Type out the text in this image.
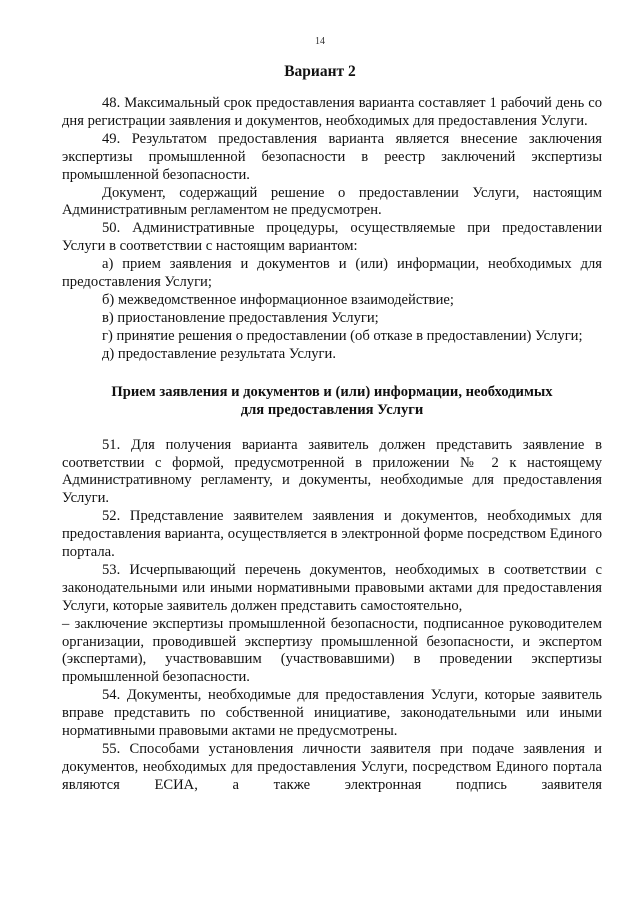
14
Вариант 2

48. Максимальный срок предоставления варианта составляет 1 рабочий день со дня регистрации заявления и документов, необходимых для предоставления Услуги.

49. Результатом предоставления варианта является внесение заключения экспертизы промышленной безопасности в реестр заключений экспертизы промышленной безопасности.

Документ, содержащий решение о предоставлении Услуги, настоящим Административным регламентом не предусмотрен.

50. Административные процедуры, осуществляемые при предоставлении Услуги в соответствии с настоящим вариантом:

а) прием заявления и документов и (или) информации, необходимых для предоставления Услуги;

б) межведомственное информационное взаимодействие;

в) приостановление предоставления Услуги;

г) принятие решения о предоставлении (об отказе в предоставлении) Услуги;

д) предоставление результата Услуги.

Прием заявления и документов и (или) информации, необходимых
для предоставления Услуги

51. Для получения варианта заявитель должен представить заявление в соответствии с формой, предусмотренной в приложении № 2 к настоящему Административному регламенту, и документы, необходимые для предоставления Услуги.

52. Представление заявителем заявления и документов, необходимых для предоставления варианта, осуществляется в электронной форме посредством Единого портала.

53. Исчерпывающий перечень документов, необходимых в соответствии с законодательными или иными нормативными правовыми актами для предоставления Услуги, которые заявитель должен представить самостоятельно,

– заключение экспертизы промышленной безопасности, подписанное руководителем организации, проводившей экспертизу промышленной безопасности, и экспертом (экспертами), участвовавшим (участвовавшими) в проведении экспертизы промышленной безопасности.

54. Документы, необходимые для предоставления Услуги, которые заявитель вправе представить по собственной инициативе, законодательными или иными нормативными правовыми актами не предусмотрены.

55. Способами установления личности заявителя при подаче заявления и документов, необходимых для предоставления Услуги, посредством Единого портала являются ЕСИА, а также электронная подпись заявителя
